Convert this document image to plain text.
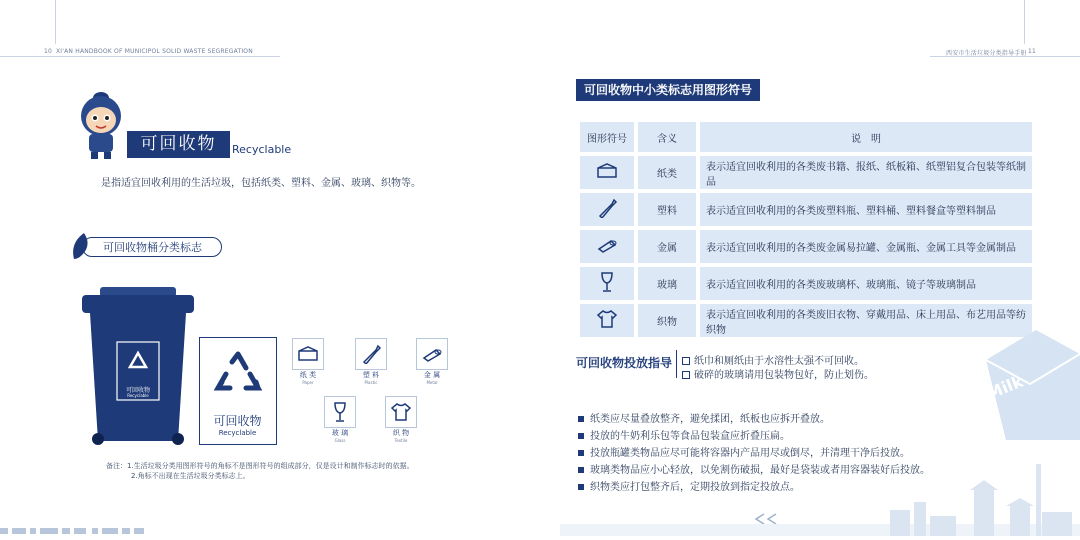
10 XI'AN HANDBOOK OF MUNICIPOL SOLID WASTE SEGREGATION	西安市生活垃圾分类指导手册 11
可回收物	Recyclable
是指适宜回收利用的生活垃圾，包括纸类、塑料、金属、玻璃、织物等。
可回收物桶分类标志
可回收物
Recyclable
可回收物
Recyclable
纸 类
Paper
塑 料
Plastic
金 属
Metal
玻 璃
Glass
织 物
Textile
备注：1.生活垃圾分类用图形符号的角标不是图形符号的组成部分，仅是设计和制作标志时的依据。
2.角标不出现在生活垃圾分类标志上。
可回收物中小类标志用图形符号
图形符号	含义	说　明
	纸类	表示适宜回收利用的各类废书籍、报纸、纸板箱、纸塑铝复合包装等纸制品
	塑料	表示适宜回收利用的各类废塑料瓶、塑料桶、塑料餐盒等塑料制品
	金属	表示适宜回收利用的各类废金属易拉罐、金属瓶、金属工具等金属制品
	玻璃	表示适宜回收利用的各类废玻璃杯、玻璃瓶、镜子等玻璃制品
	织物	表示适宜回收利用的各类废旧衣物、穿戴用品、床上用品、布艺用品等纺织物
可回收物投放指导	纸巾和厕纸由于水溶性太强不可回收。
破碎的玻璃请用包装物包好，防止划伤。	Milk
纸类应尽量叠放整齐，避免揉团，纸板也应拆开叠放。
投放的牛奶利乐包等食品包装盒应折叠压扁。
投放瓶罐类物品应尽可能将容器内产品用尽或倒尽，并清理干净后投放。
玻璃类物品应小心轻放，以免割伤破损，最好是袋装或者用容器装好后投放。
织物类应打包整齐后，定期投放到指定投放点。
